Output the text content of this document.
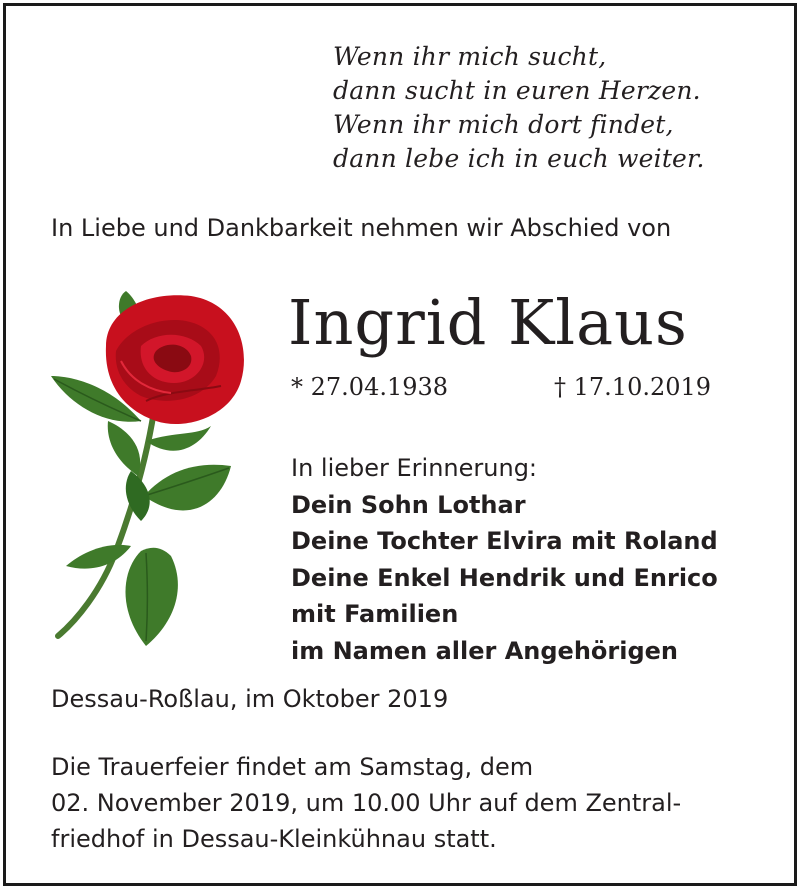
Wenn ihr mich sucht,
dann sucht in euren Herzen.
Wenn ihr mich dort findet,
dann lebe ich in euch weiter.
In Liebe und Dankbarkeit nehmen wir Abschied von
Ingrid Klaus
* 27.04.1938	† 17.10.2019
In lieber Erinnerung:
Dein Sohn Lothar
Deine Tochter Elvira mit Roland
Deine Enkel Hendrik und Enrico
mit Familien
im Namen aller Angehörigen
Dessau-Roßlau, im Oktober 2019
Die Trauerfeier findet am Samstag, dem
02. November 2019, um 10.00 Uhr auf dem Zentral-
friedhof in Dessau-Kleinkühnau statt.
